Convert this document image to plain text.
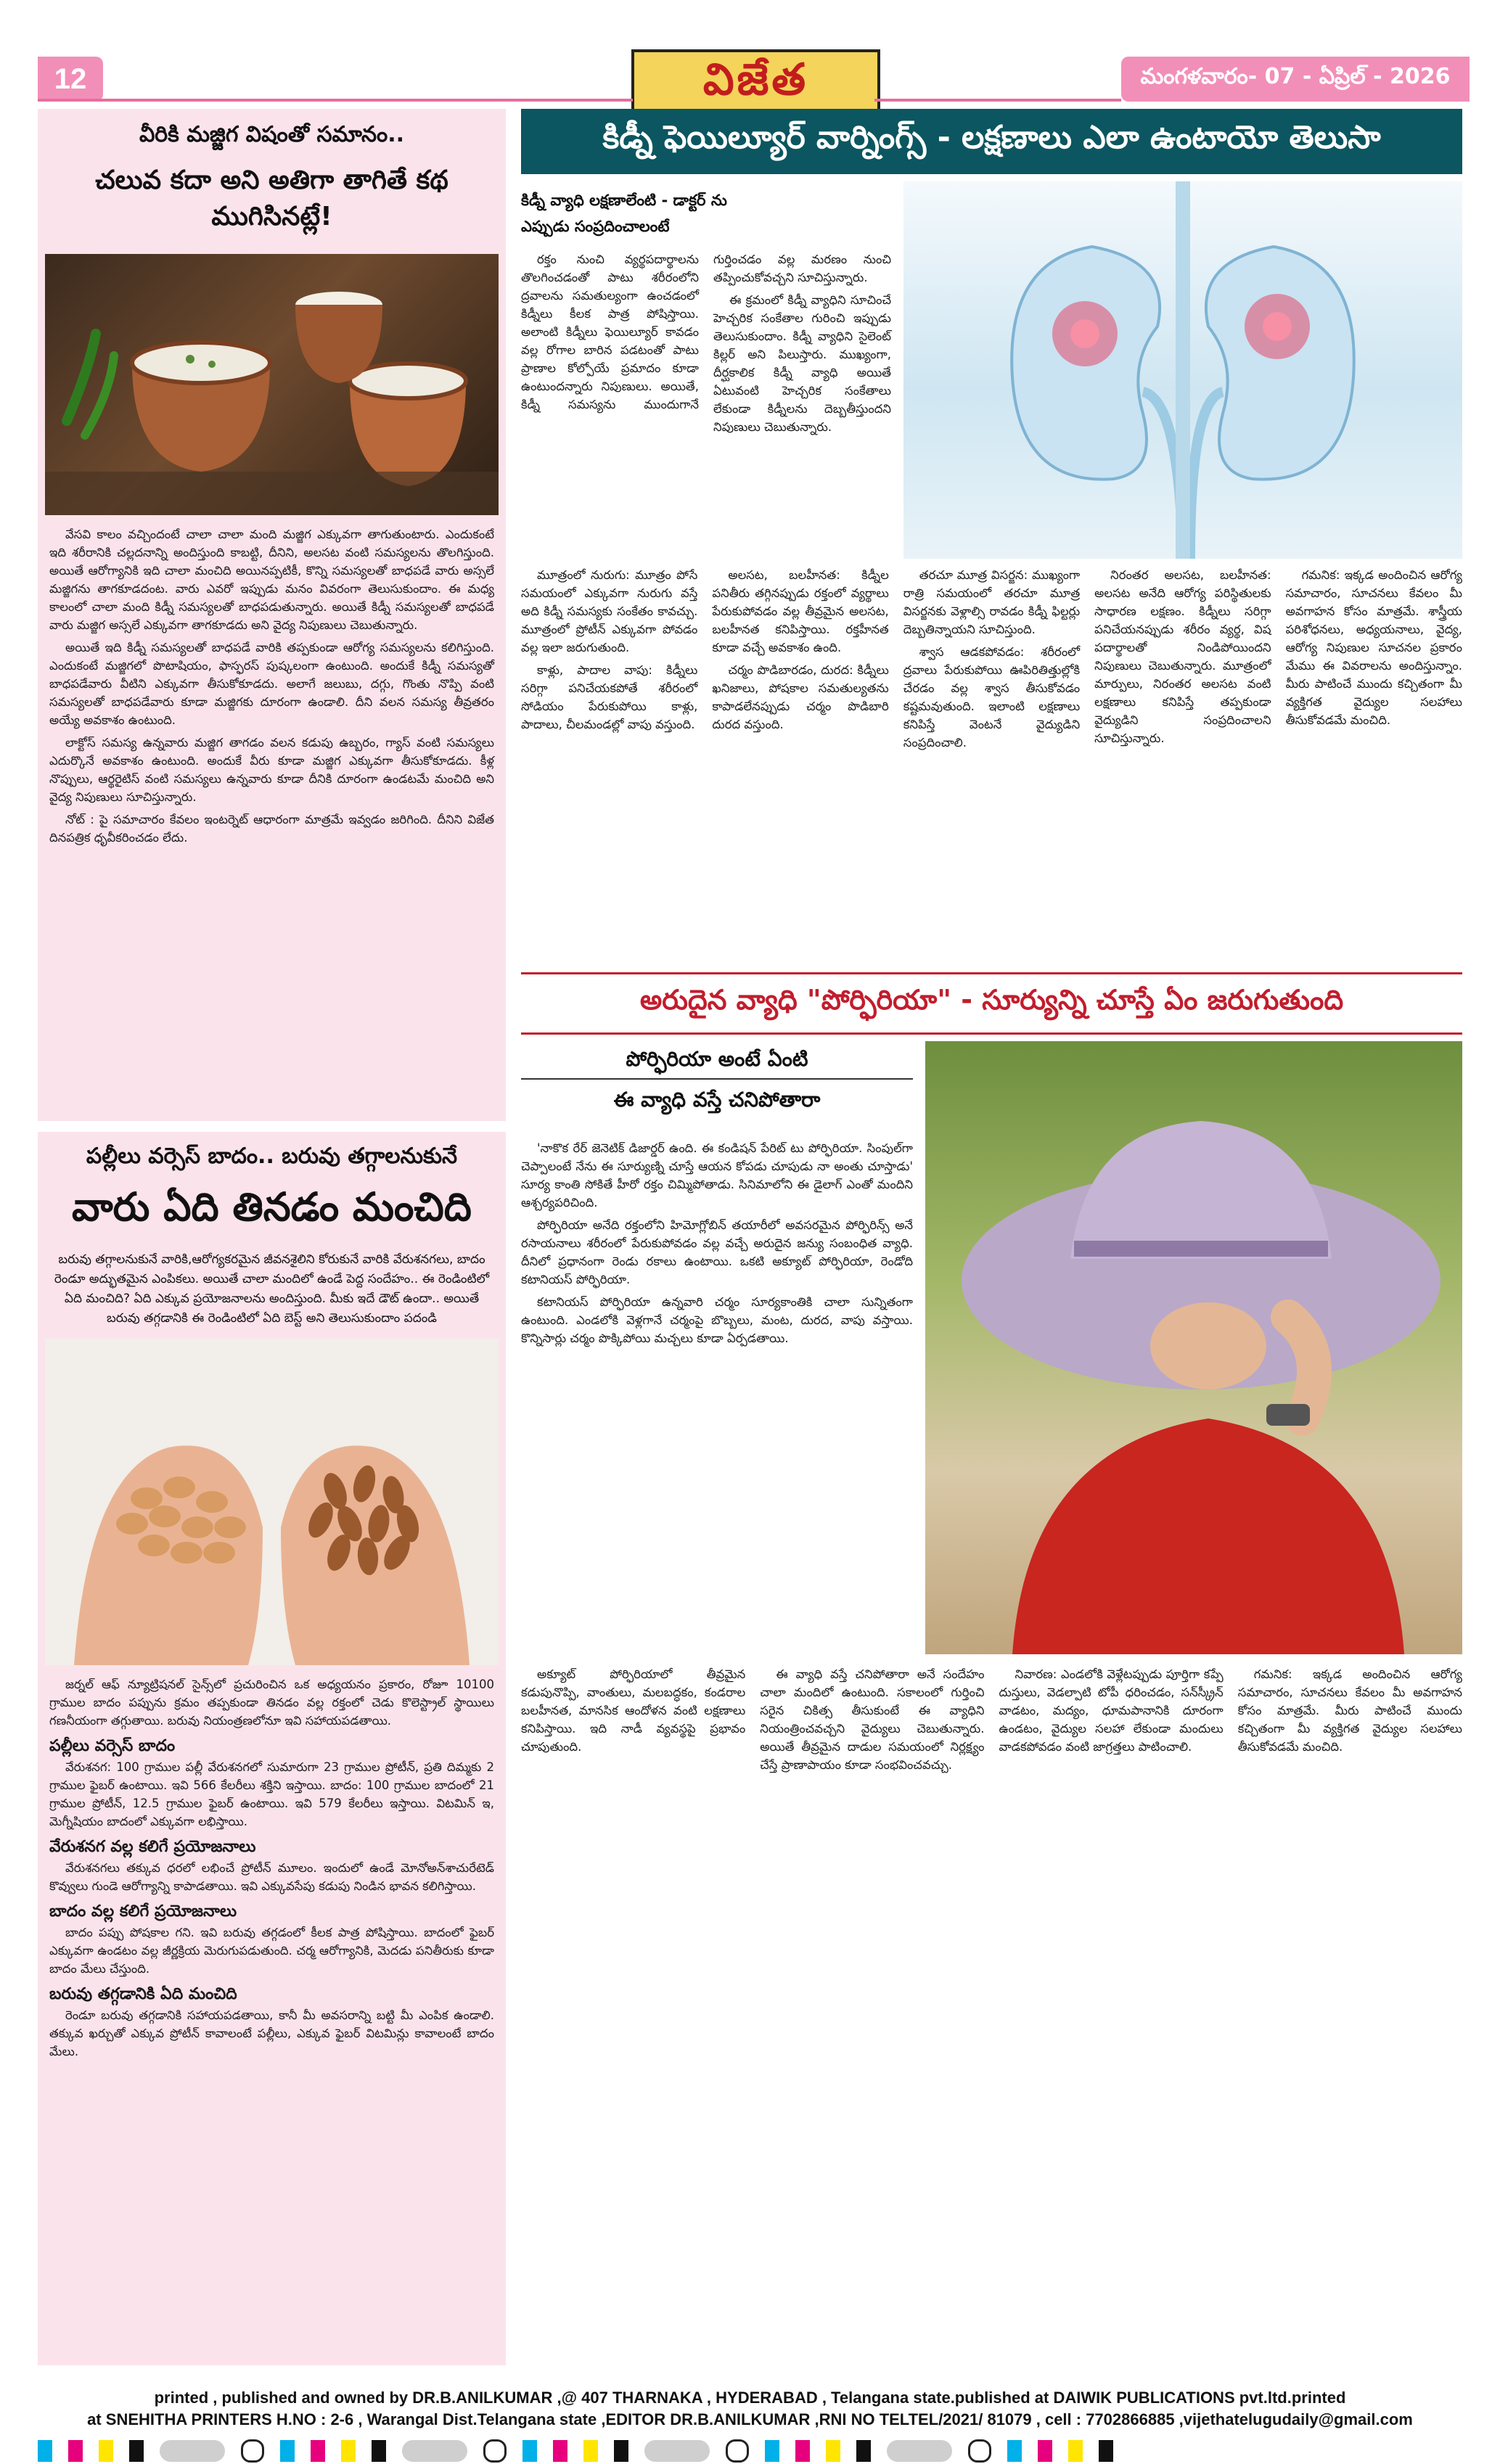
12	విజేత	మంగళవారం- 07 - ఏప్రిల్ - 2026
వీరికి మజ్జిగ విషంతో సమానం..
చలువ కదా అని అతిగా తాగితే కథ ముగిసినట్లే!

వేసవి కాలం వచ్చిందంటే చాలా చాలా మంది మజ్జిగ ఎక్కువగా తాగుతుంటారు. ఎందుకంటే ఇది శరీరానికి చల్లదనాన్ని అందిస్తుంది కాబట్టి, దీనిని, అలసట వంటి సమస్యలను తొలగిస్తుంది. అయితే ఆరోగ్యానికి ఇది చాలా మంచిది అయినప్పటికీ, కొన్ని సమస్యలతో బాధపడే వారు అస్సలే మజ్జిగను తాగకూడదంట. వారు ఎవరో ఇప్పుడు మనం వివరంగా తెలుసుకుందాం. ఈ మధ్య కాలంలో చాలా మంది కిడ్నీ సమస్యలతో బాధపడుతున్నారు. అయితే కిడ్నీ సమస్యలతో బాధపడే వారు మజ్జిగ అస్సలే ఎక్కువగా తాగకూడదు అని వైద్య నిపుణులు చెబుతున్నారు.

అయితే ఇది కిడ్నీ సమస్యలతో బాధపడే వారికి తప్పకుండా ఆరోగ్య సమస్యలను కలిగిస్తుంది. ఎందుకంటే మజ్జిగలో పొటాషియం, ఫాస్ఫరస్ పుష్కలంగా ఉంటుంది. అందుకే కిడ్నీ సమస్యతో బాధపడేవారు వీటిని ఎక్కువగా తీసుకోకూడదు. అలాగే జలుబు, దగ్గు, గొంతు నొప్పి వంటి సమస్యలతో బాధపడేవారు కూడా మజ్జిగకు దూరంగా ఉండాలి. దీని వలన సమస్య తీవ్రతరం అయ్యే అవకాశం ఉంటుంది.

లాక్టోస్ సమస్య ఉన్నవారు మజ్జిగ తాగడం వలన కడుపు ఉబ్బరం, గ్యాస్ వంటి సమస్యలు ఎదుర్కొనే అవకాశం ఉంటుంది. అందుకే వీరు కూడా మజ్జిగ ఎక్కువగా తీసుకోకూడదు. కీళ్ల నొప్పులు, ఆర్థరైటిస్ వంటి సమస్యలు ఉన్నవారు కూడా దీనికి దూరంగా ఉండటమే మంచిది అని వైద్య నిపుణులు సూచిస్తున్నారు.

నోట్ : పై సమాచారం కేవలం ఇంటర్నెట్ ఆధారంగా మాత్రమే ఇవ్వడం జరిగింది. దీనిని విజేత దినపత్రిక ధృవీకరించడం లేదు.

పల్లీలు వర్సెస్ బాదం.. బరువు తగ్గాలనుకునే
వారు ఏది తినడం మంచిది
బరువు తగ్గాలనుకునే వారికి,ఆరోగ్యకరమైన జీవనశైలిని కోరుకునే వారికి వేరుశనగలు, బాదం రెండూ అద్భుతమైన ఎంపికలు. అయితే చాలా మందిలో ఉండే పెద్ద సందేహం.. ఈ రెండింటిలో ఏది మంచిది? ఏది ఎక్కువ ప్రయోజనాలను అందిస్తుంది. మీకు ఇదే డౌట్ ఉందా.. అయితే బరువు తగ్గడానికి ఈ రెండింటిలో ఏది బెస్ట్ అని తెలుసుకుందాం పదండి

జర్నల్ ఆఫ్ న్యూట్రిషనల్ సైన్స్‌లో ప్రచురించిన ఒక అధ్యయనం ప్రకారం, రోజూ 10100 గ్రాముల బాదం పప్పును క్రమం తప్పకుండా తినడం వల్ల రక్తంలో చెడు కొలెస్ట్రాల్ స్థాయిలు గణనీయంగా తగ్గుతాయి. బరువు నియంత్రణలోనూ ఇవి సహాయపడతాయి.

పల్లీలు వర్సెస్ బాదం

వేరుశనగ: 100 గ్రాముల పల్లీ వేరుశనగలో సుమారుగా 23 గ్రాముల ప్రోటీన్, ప్రతి దిమ్మకు 2 గ్రాముల ఫైబర్ ఉంటాయి. ఇవి 566 కేలరీలు శక్తిని ఇస్తాయి. బాదం: 100 గ్రాముల బాదంలో 21 గ్రాముల ప్రోటీన్, 12.5 గ్రాముల ఫైబర్ ఉంటాయి. ఇవి 579 కేలరీలు ఇస్తాయి. విటమిన్ ఇ, మెగ్నీషియం బాదంలో ఎక్కువగా లభిస్తాయి.

వేరుశనగ వల్ల కలిగే ప్రయోజనాలు

వేరుశనగలు తక్కువ ధరలో లభించే ప్రోటీన్ మూలం. ఇందులో ఉండే మోనోఅన్‌శాచురేటెడ్ కొవ్వులు గుండె ఆరోగ్యాన్ని కాపాడతాయి. ఇవి ఎక్కువసేపు కడుపు నిండిన భావన కలిగిస్తాయి.

బాదం వల్ల కలిగే ప్రయోజనాలు

బాదం పప్పు పోషకాల గని. ఇవి బరువు తగ్గడంలో కీలక పాత్ర పోషిస్తాయి. బాదంలో ఫైబర్ ఎక్కువగా ఉండటం వల్ల జీర్ణక్రియ మెరుగుపడుతుంది. చర్మ ఆరోగ్యానికి, మెదడు పనితీరుకు కూడా బాదం మేలు చేస్తుంది.

బరువు తగ్గడానికి ఏది మంచిది

రెండూ బరువు తగ్గడానికి సహాయపడతాయి, కానీ మీ అవసరాన్ని బట్టి మీ ఎంపిక ఉండాలి. తక్కువ ఖర్చుతో ఎక్కువ ప్రోటీన్ కావాలంటే పల్లీలు, ఎక్కువ ఫైబర్ విటమిన్లు కావాలంటే బాదం మేలు.

కిడ్నీ ఫెయిల్యూర్ వార్నింగ్స్ - లక్షణాలు ఎలా ఉంటాయో తెలుసా
కిడ్నీ వ్యాధి లక్షణాలేంటి - డాక్టర్ ను ఎప్పుడు సంప్రదించాలంటే

రక్తం నుంచి వ్యర్థపదార్థాలను తొలగించడంతో పాటు శరీరంలోని ద్రవాలను సమతుల్యంగా ఉంచడంలో కిడ్నీలు కీలక పాత్ర పోషిస్తాయి. అలాంటి కిడ్నీలు ఫెయిల్యూర్ కావడం వల్ల రోగాల బారిన పడటంతో పాటు ప్రాణాల కోల్పోయే ప్రమాదం కూడా ఉంటుందన్నారు నిపుణులు. అయితే, కిడ్నీ సమస్యను ముందుగానే గుర్తించడం వల్ల మరణం నుంచి తప్పించుకోవచ్చని సూచిస్తున్నారు.

ఈ క్రమంలో కిడ్నీ వ్యాధిని సూచించే హెచ్చరిక సంకేతాల గురించి ఇప్పుడు తెలుసుకుందాం. కిడ్నీ వ్యాధిని సైలెంట్ కిల్లర్ అని పిలుస్తారు. ముఖ్యంగా, దీర్ఘకాలిక కిడ్నీ వ్యాధి అయితే ఏటువంటి హెచ్చరిక సంకేతాలు లేకుండా కిడ్నీలను దెబ్బతీస్తుందని నిపుణులు చెబుతున్నారు.

మూత్రంలో నురుగు: మూత్రం పోసే సమయంలో ఎక్కువగా నురుగు వస్తే అది కిడ్నీ సమస్యకు సంకేతం కావచ్చు. మూత్రంలో ప్రోటీన్ ఎక్కువగా పోవడం వల్ల ఇలా జరుగుతుంది.

కాళ్లు, పాదాల వాపు: కిడ్నీలు సరిగ్గా పనిచేయకపోతే శరీరంలో సోడియం పేరుకుపోయి కాళ్లు, పాదాలు, చీలమండల్లో వాపు వస్తుంది.

అలసట, బలహీనత: కిడ్నీల పనితీరు తగ్గినప్పుడు రక్తంలో వ్యర్థాలు పేరుకుపోవడం వల్ల తీవ్రమైన అలసట, బలహీనత కనిపిస్తాయి. రక్తహీనత కూడా వచ్చే అవకాశం ఉంది.

చర్మం పొడిబారడం, దురద: కిడ్నీలు ఖనిజాలు, పోషకాల సమతుల్యతను కాపాడలేనప్పుడు చర్మం పొడిబారి దురద వస్తుంది.

తరచూ మూత్ర విసర్జన: ముఖ్యంగా రాత్రి సమయంలో తరచూ మూత్ర విసర్జనకు వెళ్లాల్సి రావడం కిడ్నీ ఫిల్టర్లు దెబ్బతిన్నాయని సూచిస్తుంది.

శ్వాస ఆడకపోవడం: శరీరంలో ద్రవాలు పేరుకుపోయి ఊపిరితిత్తుల్లోకి చేరడం వల్ల శ్వాస తీసుకోవడం కష్టమవుతుంది. ఇలాంటి లక్షణాలు కనిపిస్తే వెంటనే వైద్యుడిని సంప్రదించాలి.

నిరంతర అలసట, బలహీనత: అలసట అనేది ఆరోగ్య పరిస్థితులకు సాధారణ లక్షణం. కిడ్నీలు సరిగ్గా పనిచేయనప్పుడు శరీరం వ్యర్థ, విష పదార్థాలతో నిండిపోయిందని నిపుణులు చెబుతున్నారు. మూత్రంలో మార్పులు, నిరంతర అలసట వంటి లక్షణాలు కనిపిస్తే తప్పకుండా వైద్యుడిని సంప్రదించాలని సూచిస్తున్నారు.

గమనిక: ఇక్కడ అందించిన ఆరోగ్య సమాచారం, సూచనలు కేవలం మీ అవగాహన కోసం మాత్రమే. శాస్త్రీయ పరిశోధనలు, అధ్యయనాలు, వైద్య, ఆరోగ్య నిపుణుల సూచనల ప్రకారం మేము ఈ వివరాలను అందిస్తున్నాం. మీరు పాటించే ముందు కచ్చితంగా మీ వ్యక్తిగత వైద్యుల సలహాలు తీసుకోవడమే మంచిది.

అరుదైన వ్యాధి "పోర్ఫిరియా" - సూర్యున్ని చూస్తే ఏం జరుగుతుంది
పోర్ఫిరియా అంటే ఏంటి
ఈ వ్యాధి వస్తే చనిపోతారా

'నాకొక రేర్ జెనెటిక్ డిజార్డర్ ఉంది. ఈ కండిషన్ పేరిట్ టు పోర్ఫిరియా. సింపుల్‌గా చెప్పాలంటే నేను ఈ సూర్యుణ్ని చూస్తే ఆయన కోపడు చూపుడు నా అంతు చూస్తాడు' సూర్య కాంతి సోకితే హీరో రక్తం చిమ్మిపోతాడు. సినిమాలోని ఈ డైలాగ్ ఎంతో మందిని ఆశ్చర్యపరిచింది.

పోర్ఫిరియా అనేది రక్తంలోని హిమోగ్లోబిన్ తయారీలో అవసరమైన పోర్ఫిరిన్స్ అనే రసాయనాలు శరీరంలో పేరుకుపోవడం వల్ల వచ్చే అరుదైన జన్యు సంబంధిత వ్యాధి. దీనిలో ప్రధానంగా రెండు రకాలు ఉంటాయి. ఒకటి అక్యూట్ పోర్ఫిరియా, రెండోది కటానియస్ పోర్ఫిరియా.

కటానియస్ పోర్ఫిరియా ఉన్నవారి చర్మం సూర్యకాంతికి చాలా సున్నితంగా ఉంటుంది. ఎండలోకి వెళ్లగానే చర్మంపై బొబ్బలు, మంట, దురద, వాపు వస్తాయి. కొన్నిసార్లు చర్మం పొక్కిపోయి మచ్చలు కూడా ఏర్పడతాయి.

అక్యూట్ పోర్ఫిరియాలో తీవ్రమైన కడుపునొప్పి, వాంతులు, మలబద్ధకం, కండరాల బలహీనత, మానసిక ఆందోళన వంటి లక్షణాలు కనిపిస్తాయి. ఇది నాడీ వ్యవస్థపై ప్రభావం చూపుతుంది.

ఈ వ్యాధి వస్తే చనిపోతారా అనే సందేహం చాలా మందిలో ఉంటుంది. సకాలంలో గుర్తించి సరైన చికిత్స తీసుకుంటే ఈ వ్యాధిని నియంత్రించవచ్చని వైద్యులు చెబుతున్నారు. అయితే తీవ్రమైన దాడుల సమయంలో నిర్లక్ష్యం చేస్తే ప్రాణాపాయం కూడా సంభవించవచ్చు.

నివారణ: ఎండలోకి వెళ్లేటప్పుడు పూర్తిగా కప్పే దుస్తులు, వెడల్పాటి టోపీ ధరించడం, సన్‌స్క్రీన్ వాడటం, మద్యం, ధూమపానానికి దూరంగా ఉండటం, వైద్యుల సలహా లేకుండా మందులు వాడకపోవడం వంటి జాగ్రత్తలు పాటించాలి.

గమనిక: ఇక్కడ అందించిన ఆరోగ్య సమాచారం, సూచనలు కేవలం మీ అవగాహన కోసం మాత్రమే. మీరు పాటించే ముందు కచ్చితంగా మీ వ్యక్తిగత వైద్యుల సలహాలు తీసుకోవడమే మంచిది.

printed , published and owned by DR.B.ANILKUMAR ,@ 407 THARNAKA , HYDERABAD , Telangana state.published at DAIWIK PUBLICATIONS pvt.ltd.printed
at SNEHITHA PRINTERS H.NO : 2-6 , Warangal Dist.Telangana state ,EDITOR DR.B.ANILKUMAR ,RNI NO TELTEL/2021/ 81079 , cell : 7702866885 ,vijethatelugudaily@gmail.com
